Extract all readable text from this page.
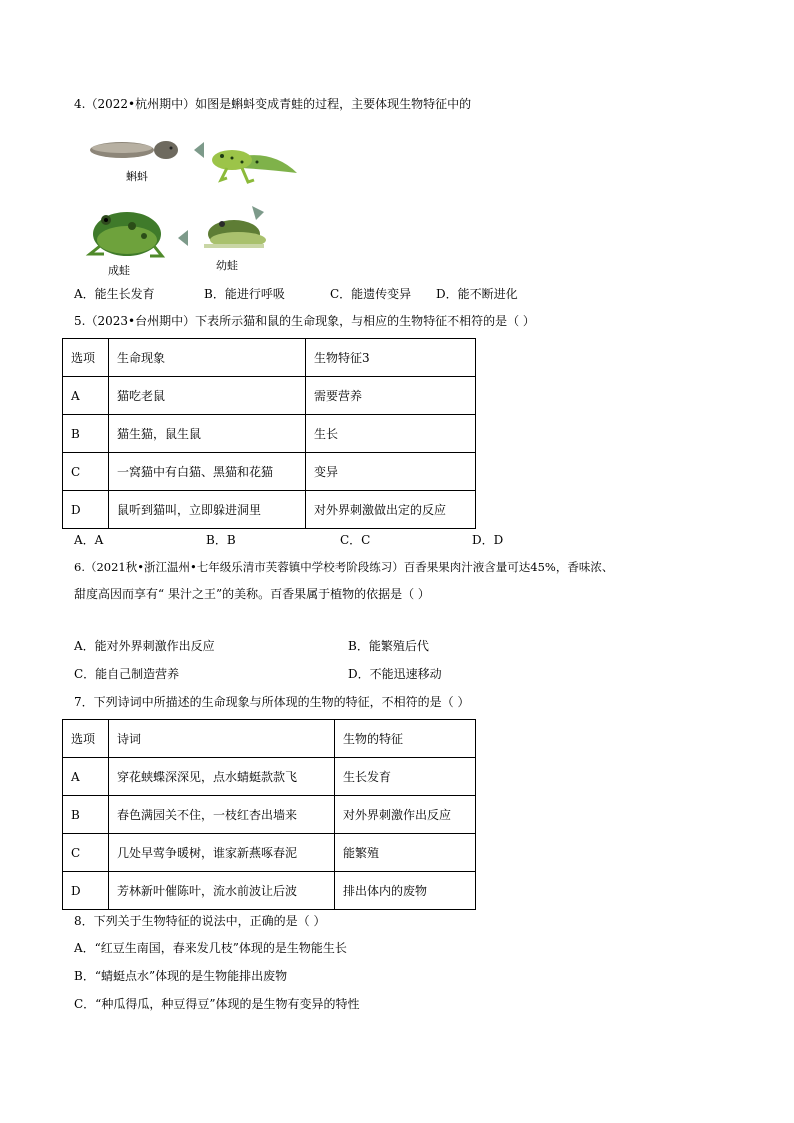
4.（2022•杭州期中）如图是蝌蚪变成青蛙的过程，主要体现生物特征中的
蝌蚪
幼蛙
成蛙
A．能生长发育	B．能进行呼吸	C．能遗传变异 D．能不断进化
5.（2023•台州期中）下表所示猫和鼠的生命现象，与相应的生物特征不相符的是（ ）
选项	生命现象	生物特征3
A	猫吃老鼠	需要营养
B	猫生猫，鼠生鼠	生长
C	一窝猫中有白猫、黑猫和花猫	变异
D	鼠听到猫叫，立即躲进洞里	对外界刺激做出定的反应
A．A	B．B	C．C	D．D
6.（2021秋•浙江温州•七年级乐清市芙蓉镇中学校考阶段练习）百香果果肉汁液含量可达45%，香味浓、
甜度高因而享有“ 果汁之王”的美称。百香果属于植物的依据是（ ）
A．能对外界刺激作出反应	B．能繁殖后代
C．能自己制造营养	D．不能迅速移动
7．下列诗词中所描述的生命现象与所体现的生物的特征，不相符的是（ ）
选项	诗词	生物的特征
A	穿花蛱蝶深深见，点水蜻蜓款款飞	生长发育
B	春色满园关不住，一枝红杏出墙来	对外界刺激作出反应
C	几处早莺争暖树，谁家新燕啄春泥	能繁殖
D	芳林新叶催陈叶，流水前波让后波	排出体内的废物
8．下列关于生物特征的说法中，正确的是（ ）
A．“红豆生南国，春来发几枝”体现的是生物能生长
B．“蜻蜓点水”体现的是生物能排出废物
C．“种瓜得瓜，种豆得豆”体现的是生物有变异的特性
